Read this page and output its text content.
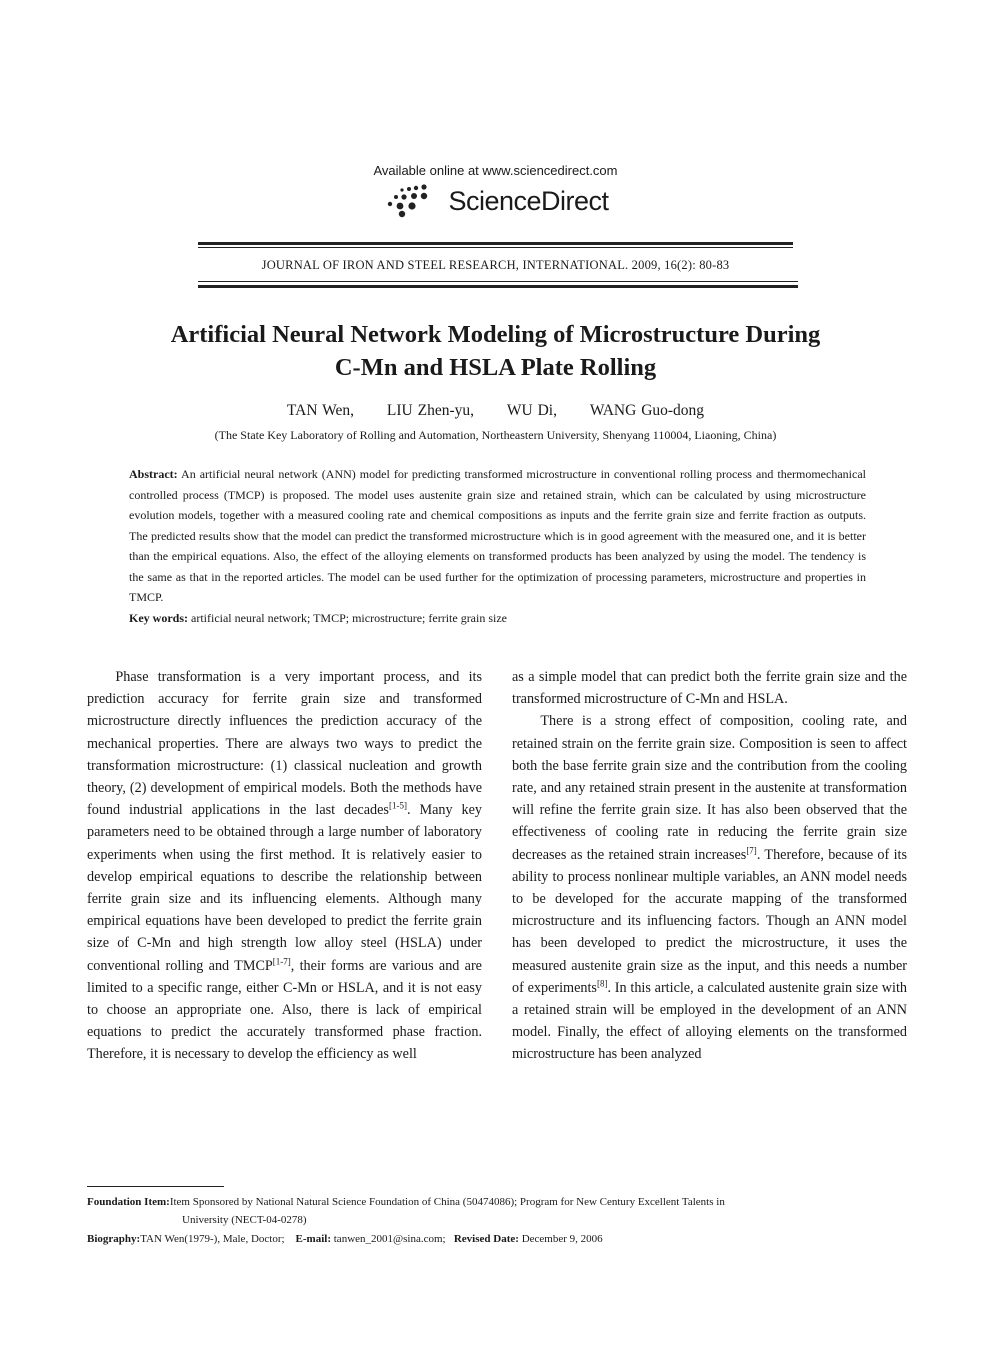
Available online at www.sciencedirect.com
ScienceDirect
JOURNAL OF IRON AND STEEL RESEARCH, INTERNATIONAL. 2009, 16(2): 80-83
Artificial Neural Network Modeling of Microstructure During
C-Mn and HSLA Plate Rolling
TAN Wen, LIU Zhen-yu, WU Di, WANG Guo-dong
(The State Key Laboratory of Rolling and Automation, Northeastern University, Shenyang 110004, Liaoning, China)
Abstract: An artificial neural network (ANN) model for predicting transformed microstructure in conventional rolling process and thermomechanical controlled process (TMCP) is proposed. The model uses austenite grain size and retained strain, which can be calculated by using microstructure evolution models, together with a measured cooling rate and chemical compositions as inputs and the ferrite grain size and ferrite fraction as outputs. The predicted results show that the model can predict the transformed microstructure which is in good agreement with the measured one, and it is better than the empirical equations. Also, the effect of the alloying elements on transformed products has been analyzed by using the model. The tendency is the same as that in the reported articles. The model can be used further for the optimization of processing parameters, microstructure and properties in TMCP.
Key words: artificial neural network; TMCP; microstructure; ferrite grain size

Phase transformation is a very important process, and its prediction accuracy for ferrite grain size and transformed microstructure directly influences the prediction accuracy of the mechanical properties. There are always two ways to predict the transformation microstructure: (1) classical nucleation and growth theory, (2) development of empirical models. Both the methods have found industrial applications in the last decades[1-5]. Many key parameters need to be obtained through a large number of laboratory experiments when using the first method. It is relatively easier to develop empirical equations to describe the relationship between ferrite grain size and its influencing elements. Although many empirical equations have been developed to predict the ferrite grain size of C-Mn and high strength low alloy steel (HSLA) under conventional rolling and TMCP[1-7], their forms are various and are limited to a specific range, either C-Mn or HSLA, and it is not easy to choose an appropriate one. Also, there is lack of empirical equations to predict the accurately transformed phase fraction. Therefore, it is necessary to develop the efficiency as well

as a simple model that can predict both the ferrite grain size and the transformed microstructure of C-Mn and HSLA.

There is a strong effect of composition, cooling rate, and retained strain on the ferrite grain size. Composition is seen to affect both the base ferrite grain size and the contribution from the cooling rate, and any retained strain present in the austenite at transformation will refine the ferrite grain size. It has also been observed that the effectiveness of cooling rate in reducing the ferrite grain size decreases as the retained strain increases[7]. Therefore, because of its ability to process nonlinear multiple variables, an ANN model needs to be developed for the accurate mapping of the transformed microstructure and its influencing factors. Though an ANN model has been developed to predict the microstructure, it uses the measured austenite grain size as the input, and this needs a number of experiments[8]. In this article, a calculated austenite grain size with a retained strain will be employed in the development of an ANN model. Finally, the effect of alloying elements on the transformed microstructure has been analyzed

Foundation Item:Item Sponsored by National Natural Science Foundation of China (50474086); Program for New Century Excellent Talents in
University (NECT-04-0278)
Biography:TAN Wen(1979-), Male, Doctor; E-mail: tanwen_2001@sina.com; Revised Date: December 9, 2006
